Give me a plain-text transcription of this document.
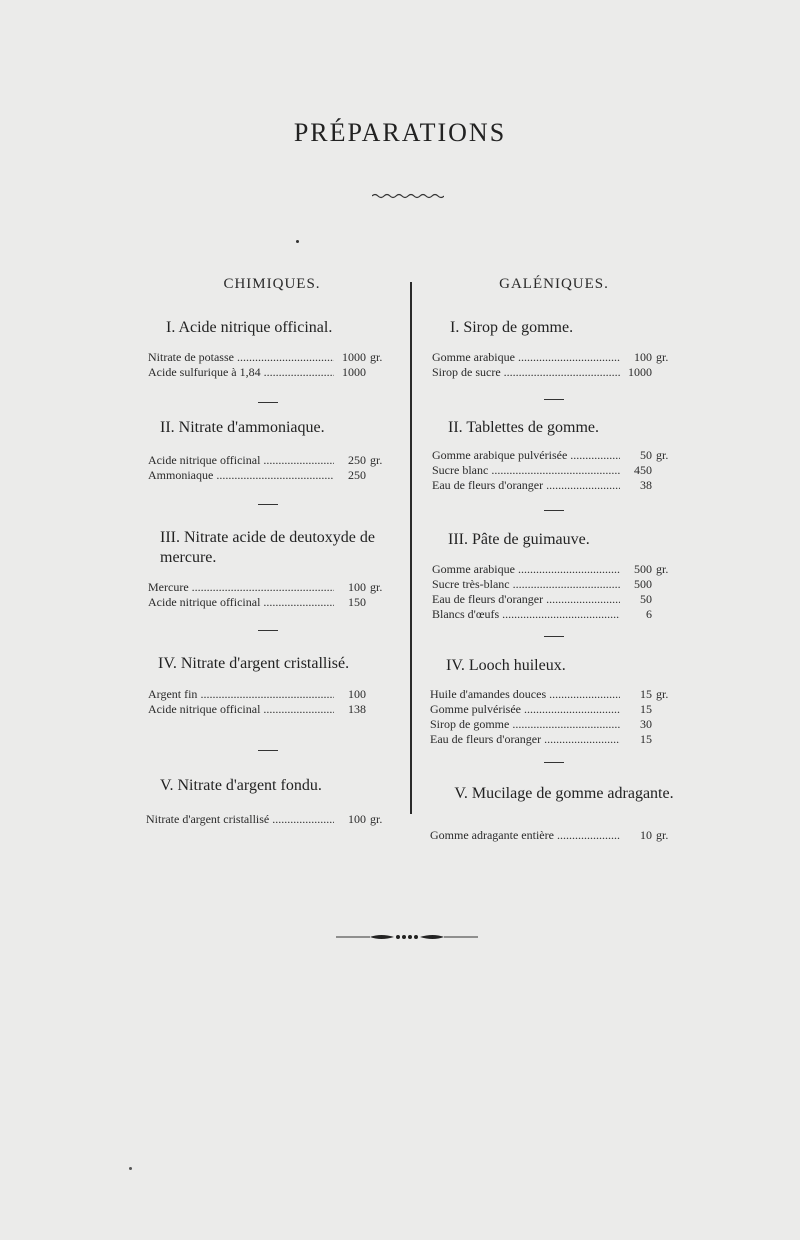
PRÉPARATIONS
CHIMIQUES.	GALÉNIQUES.
I. Acide nitrique officinal.
Nitrate de potasse .....	1000 gr.
Acide sulfurique à 1,84 .....	1000
II. Nitrate d'ammoniaque.
Acide nitrique officinal .....	250 gr.
Ammoniaque .....	250
III. Nitrate acide de deutoxyde de mercure.
Mercure .....	100 gr.
Acide nitrique officinal .....	150
IV. Nitrate d'argent cristallisé.
Argent fin .....	100
Acide nitrique officinal .....	138
V. Nitrate d'argent fondu.
Nitrate d'argent cristallisé .....	100 gr.
I. Sirop de gomme.
Gomme arabique .....	100 gr.
Sirop de sucre .....	1000
II. Tablettes de gomme.
Gomme arabique pulvérisée .....	50 gr.
Sucre blanc .....	450
Eau de fleurs d'oranger .....	38
III. Pâte de guimauve.
Gomme arabique .....	500 gr.
Sucre très-blanc .....	500
Eau de fleurs d'oranger .....	50
Blancs d'œufs .....	6
IV. Looch huileux.
Huile d'amandes douces .....	15 gr.
Gomme pulvérisée .....	15
Sirop de gomme .....	30
Eau de fleurs d'oranger .....	15
V. Mucilage de gomme adragante.
Gomme adragante entière .....	10 gr.
